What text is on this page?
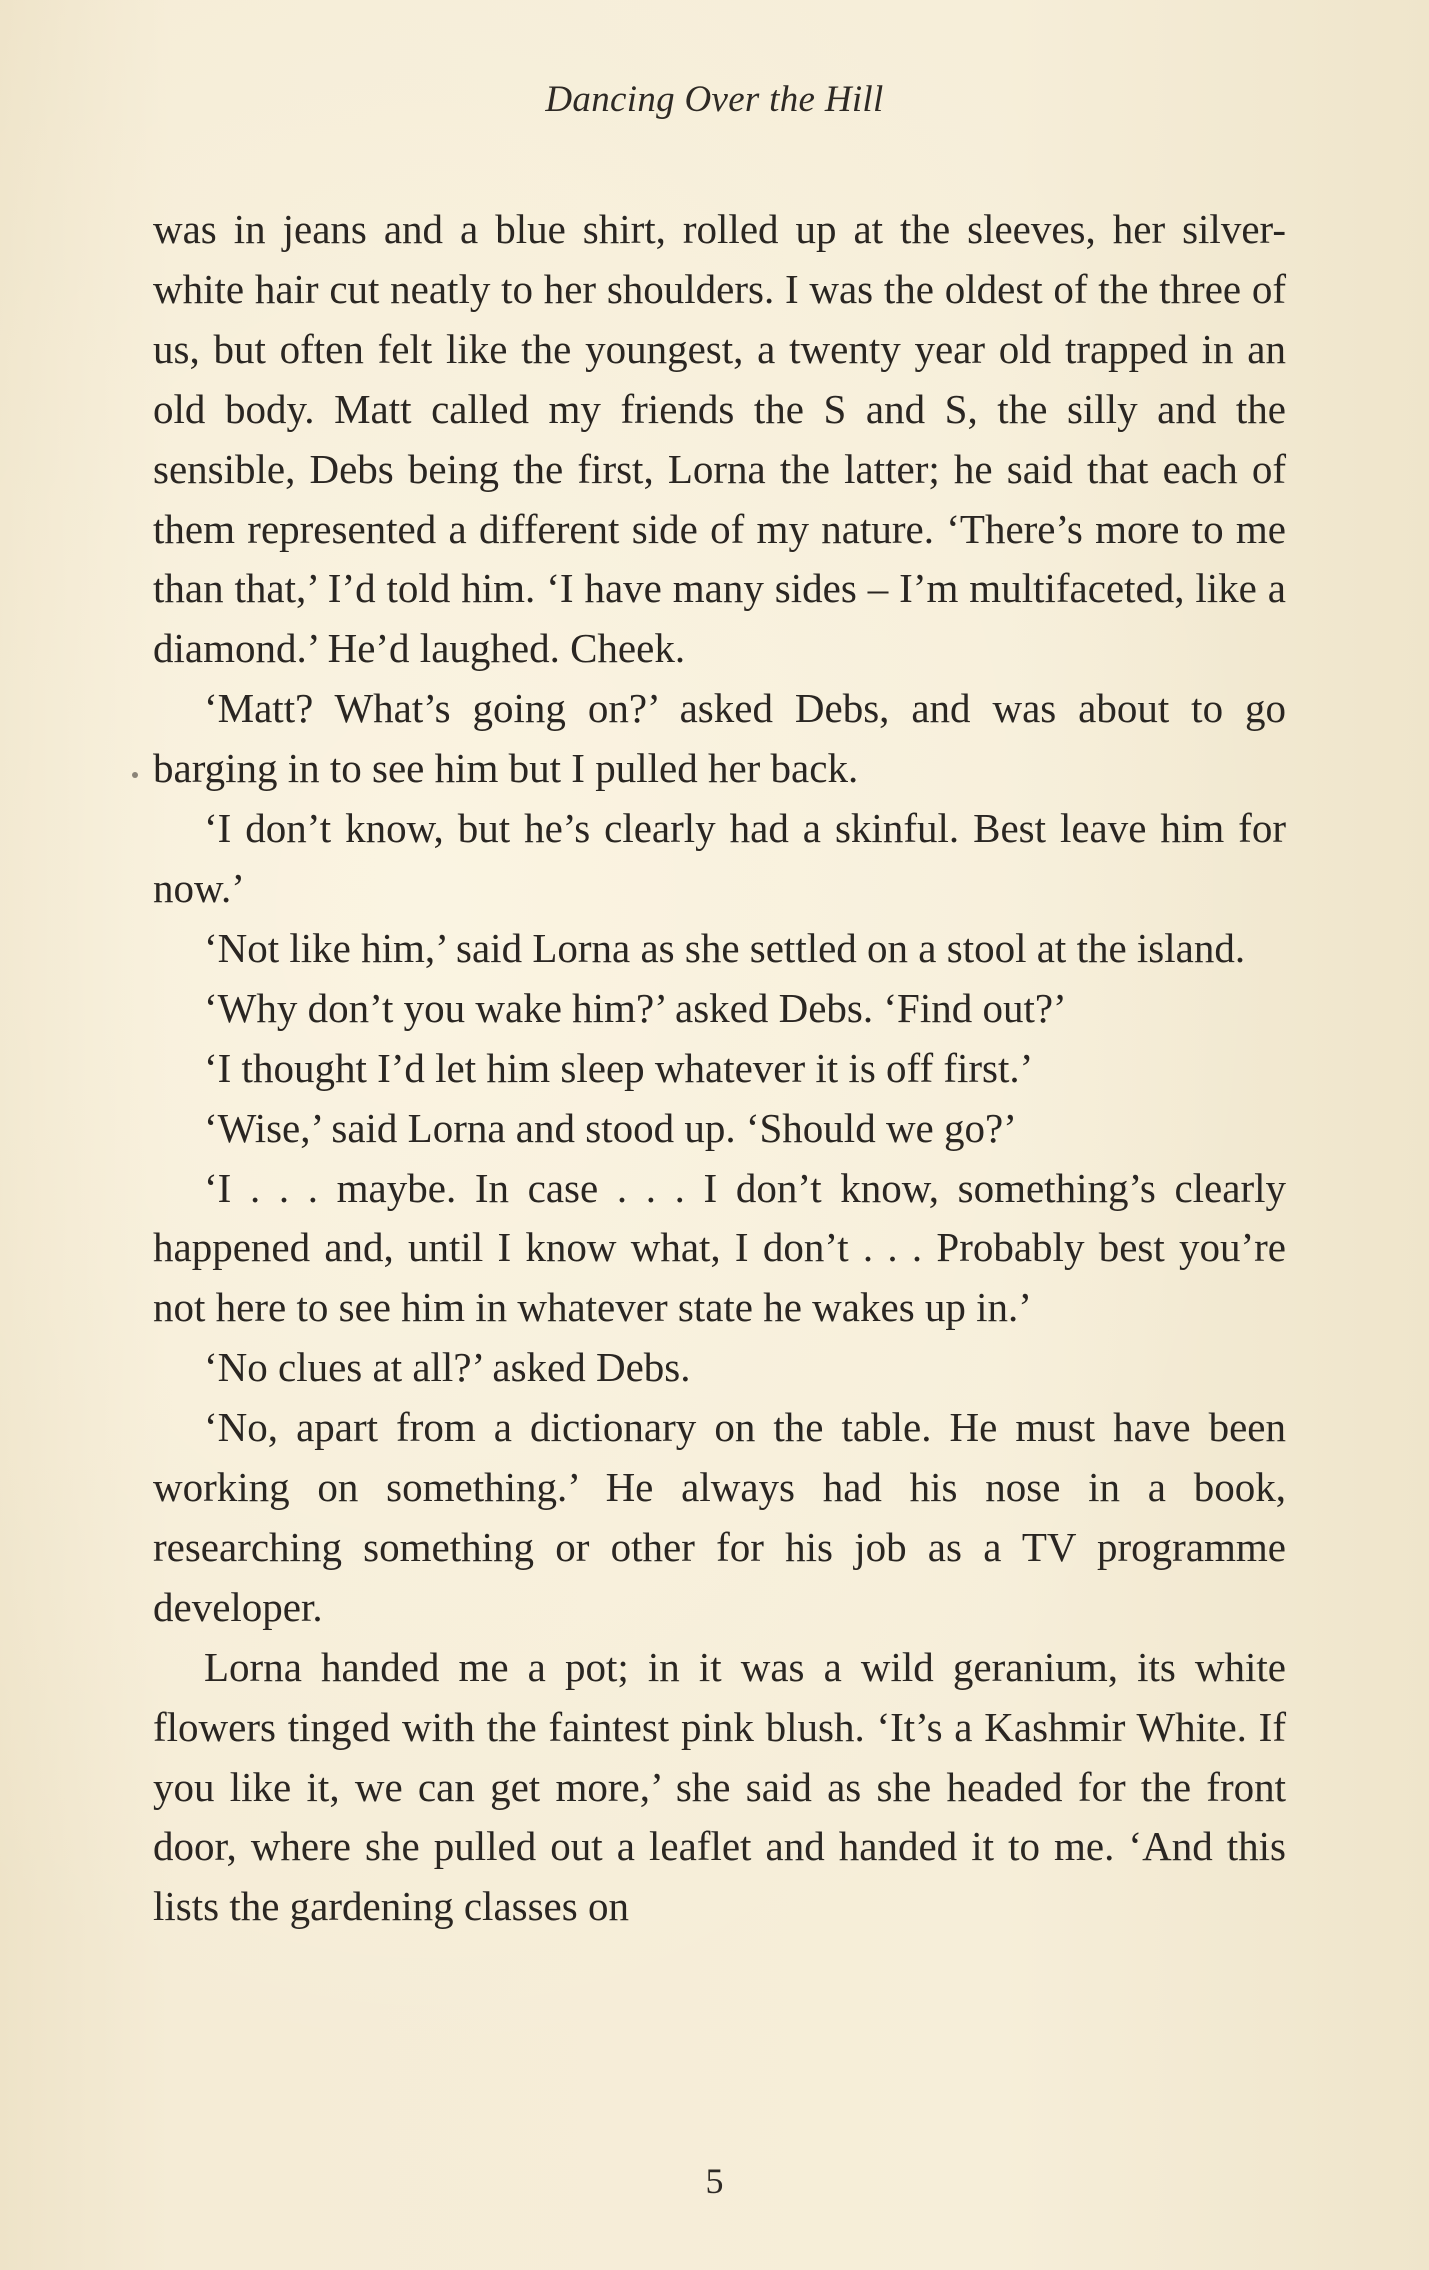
Dancing Over the Hill

was in jeans and a blue shirt, rolled up at the sleeves, her silver-white hair cut neatly to her shoulders. I was the oldest of the three of us, but often felt like the youngest, a twenty year old trapped in an old body. Matt called my friends the S and S, the silly and the sensible, Debs being the first, Lorna the latter; he said that each of them represented a different side of my nature. ‘There’s more to me than that,’ I’d told him. ‘I have many sides – I’m multifaceted, like a diamond.’ He’d laughed. Cheek.

‘Matt? What’s going on?’ asked Debs, and was about to go barging in to see him but I pulled her back.

‘I don’t know, but he’s clearly had a skinful. Best leave him for now.’

‘Not like him,’ said Lorna as she settled on a stool at the island.

‘Why don’t you wake him?’ asked Debs. ‘Find out?’

‘I thought I’d let him sleep whatever it is off first.’

‘Wise,’ said Lorna and stood up. ‘Should we go?’

‘I . . . maybe. In case . . . I don’t know, something’s clearly happened and, until I know what, I don’t . . . Probably best you’re not here to see him in whatever state he wakes up in.’

‘No clues at all?’ asked Debs.

‘No, apart from a dictionary on the table. He must have been working on something.’ He always had his nose in a book, researching something or other for his job as a TV programme developer.

Lorna handed me a pot; in it was a wild geranium, its white flowers tinged with the faintest pink blush. ‘It’s a Kashmir White. If you like it, we can get more,’ she said as she headed for the front door, where she pulled out a leaflet and handed it to me. ‘And this lists the gardening classes on

5
